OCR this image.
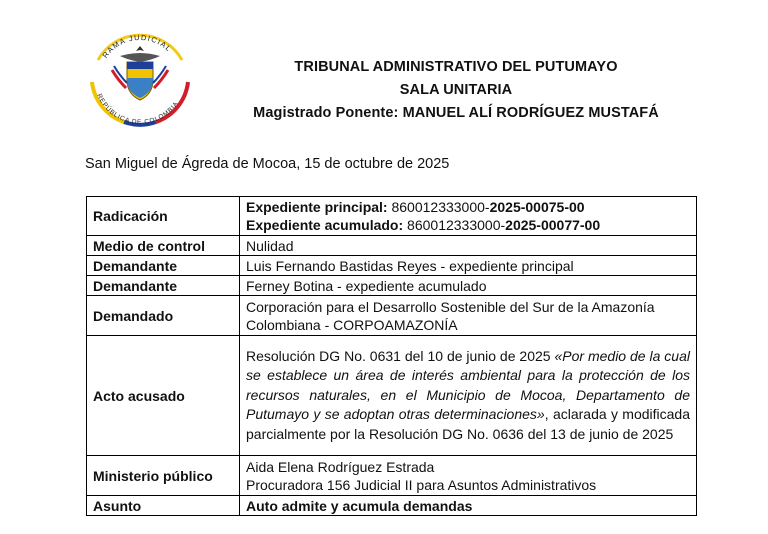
RAMA JUDICIAL
REPÚBLICA DE COLOMBIA
TRIBUNAL ADMINISTRATIVO DEL PUTUMAYO
SALA UNITARIA
Magistrado Ponente: MANUEL ALÍ RODRÍGUEZ MUSTAFÁ
San Miguel de Ágreda de Mocoa, 15 de octubre de 2025
Radicación	Expediente principal: 860012333000-2025-00075-00
Expediente acumulado: 860012333000-2025-00077-00

Medio de control	Nulidad
Demandante	Luis Fernando Bastidas Reyes - expediente principal
Demandante	Ferney Botina - expediente acumulado
Demandado	Corporación para el Desarrollo Sostenible del Sur de la Amazonía
Colombiana - CORPOAMAZONÍA

Acto acusado	Resolución DG No. 0631 del 10 de junio de 2025 «Por medio de la cual se establece un área de interés ambiental para la protección de los recursos naturales, en el Municipio de Mocoa, Departamento de Putumayo y se adoptan otras determinaciones», aclarada y modificada parcialmente por la Resolución DG No. 0636 del 13 de junio de 2025
Ministerio público	Aida Elena Rodríguez Estrada
Procuradora 156 Judicial II para Asuntos Administrativos

Asunto	Auto admite y acumula demandas
